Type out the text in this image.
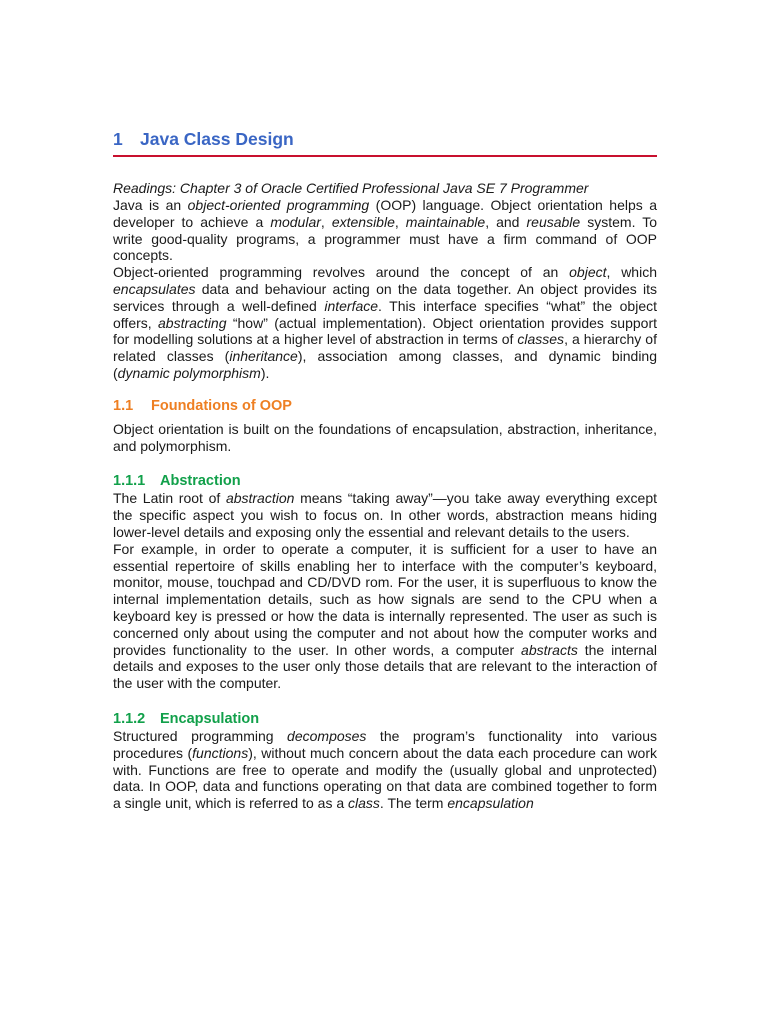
1 Java Class Design
Readings: Chapter 3 of Oracle Certified Professional Java SE 7 Programmer

Java is an object-oriented programming (OOP) language. Object orientation helps a developer to achieve a modular, extensible, maintainable, and reusable system. To write good-quality programs, a programmer must have a firm command of OOP concepts.

Object-oriented programming revolves around the concept of an object, which encapsulates data and behaviour acting on the data together. An object provides its services through a well-defined interface. This interface specifies “what” the object offers, abstracting “how” (actual implementation). Object orientation provides support for modelling solutions at a higher level of abstraction in terms of classes, a hierarchy of related classes (inheritance), association among classes, and dynamic binding (dynamic polymorphism).

1.1	Foundations of OOP

Object orientation is built on the foundations of encapsulation, abstraction, inheritance, and polymorphism.

1.1.1	Abstraction

The Latin root of abstraction means “taking away”—you take away everything except the specific aspect you wish to focus on. In other words, abstraction means hiding lower-level details and exposing only the essential and relevant details to the users.

For example, in order to operate a computer, it is sufficient for a user to have an essential repertoire of skills enabling her to interface with the computer’s keyboard, monitor, mouse, touchpad and CD/DVD rom. For the user, it is superfluous to know the internal implementation details, such as how signals are send to the CPU when a keyboard key is pressed or how the data is internally represented. The user as such is concerned only about using the computer and not about how the computer works and provides functionality to the user. In other words, a computer abstracts the internal details and exposes to the user only those details that are relevant to the interaction of the user with the computer.

1.1.2	Encapsulation

Structured programming decomposes the program’s functionality into various procedures (functions), without much concern about the data each procedure can work with. Functions are free to operate and modify the (usually global and unprotected) data. In OOP, data and functions operating on that data are combined together to form a single unit, which is referred to as a class. The term encapsulation
